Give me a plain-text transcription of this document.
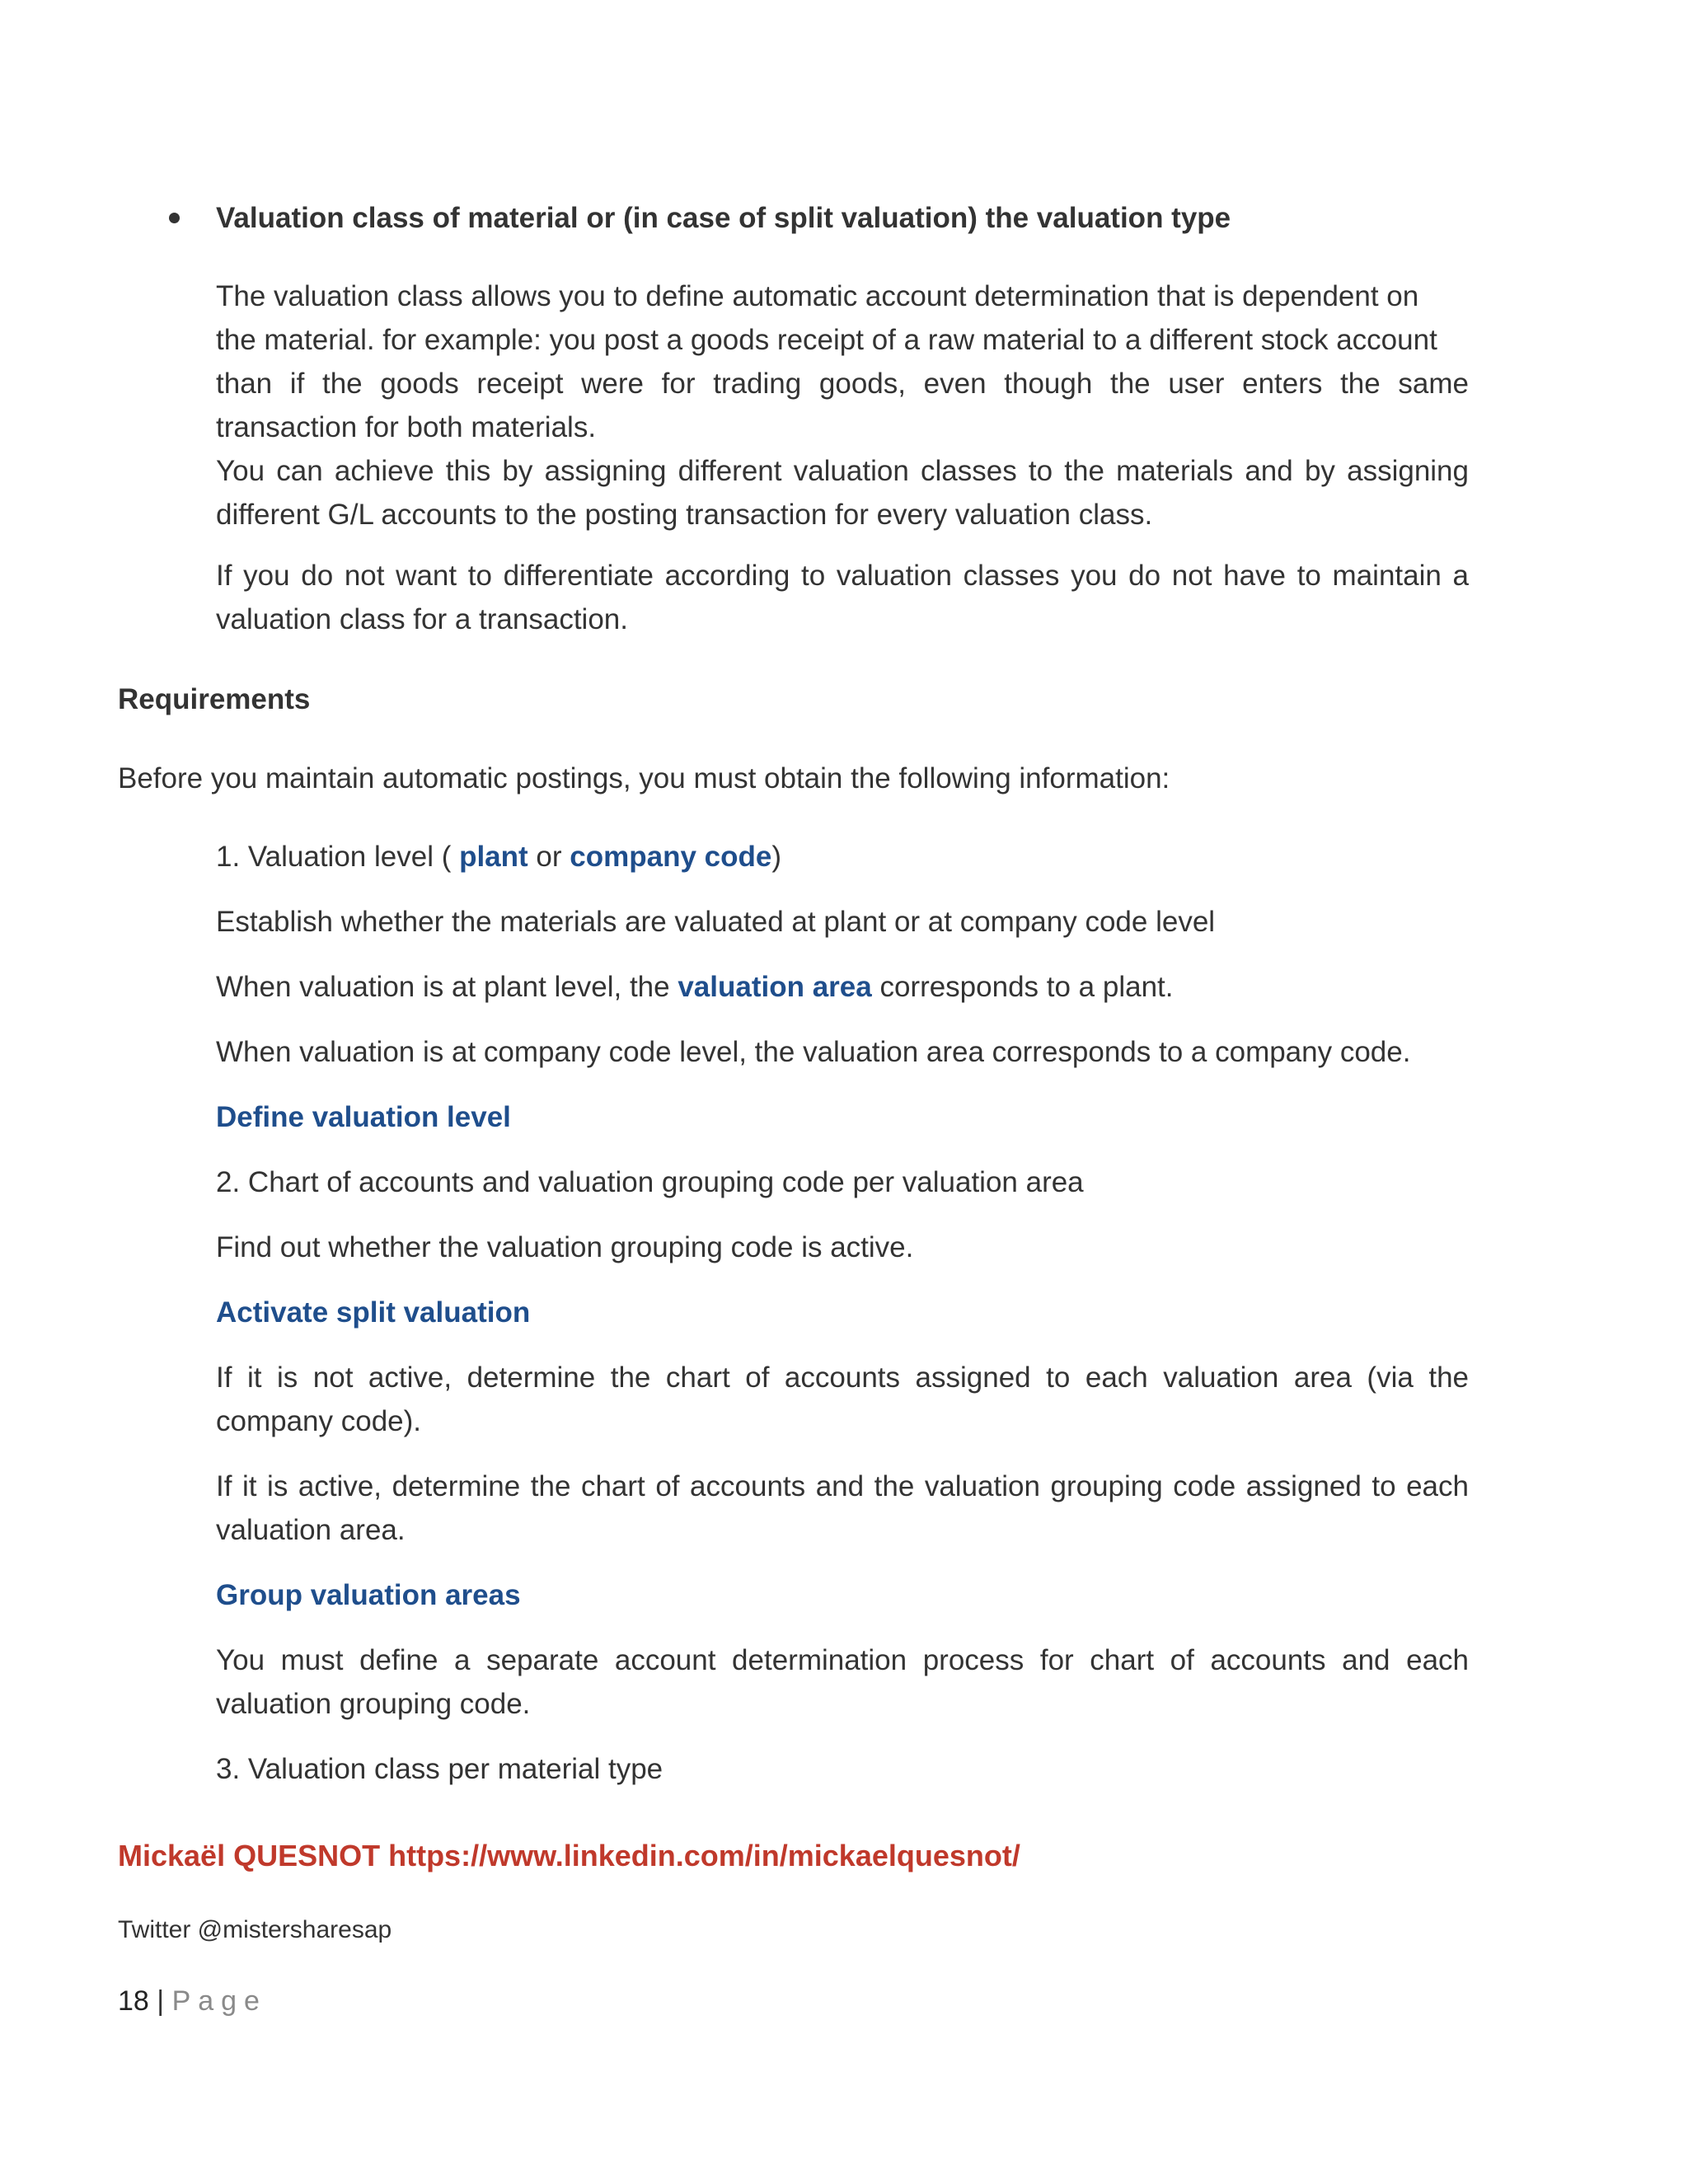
Valuation class of material or (in case of split valuation) the valuation type

The valuation class allows you to define automatic account determination that is dependent on
the material. for example: you post a goods receipt of a raw material to a different stock account
than if the goods receipt were for trading goods, even though the user enters the same
transaction for both materials.
You can achieve this by assigning different valuation classes to the materials and by assigning
different G/L accounts to the posting transaction for every valuation class.
If you do not want to differentiate according to valuation classes you do not have to maintain a
valuation class for a transaction.

Requirements

Before you maintain automatic postings, you must obtain the following information:

1. Valuation level ( plant or company code)

Establish whether the materials are valuated at plant or at company code level

When valuation is at plant level, the valuation area corresponds to a plant.

When valuation is at company code level, the valuation area corresponds to a company code.

Define valuation level

2. Chart of accounts and valuation grouping code per valuation area

Find out whether the valuation grouping code is active.

Activate split valuation

If it is not active, determine the chart of accounts assigned to each valuation area (via the
company code).
If it is active, determine the chart of accounts and the valuation grouping code assigned to each
valuation area.

Group valuation areas

You must define a separate account determination process for chart of accounts and each
valuation grouping code.

3. Valuation class per material type

Mickaël QUESNOT https://www.linkedin.com/in/mickaelquesnot/

Twitter @mistersharesap

18 | Page
